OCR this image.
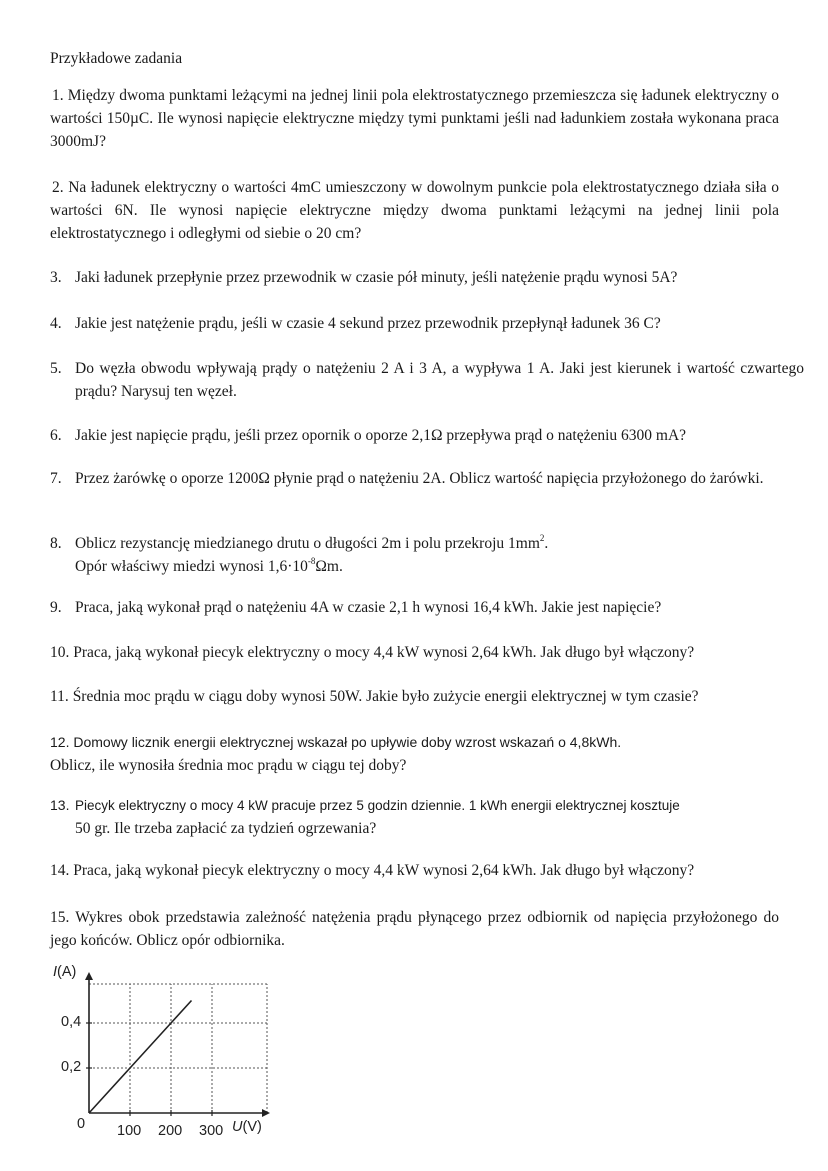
Przykładowe zadania
1. Między dwoma punktami leżącymi na jednej linii pola elektrostatycznego przemieszcza się ładunek elektryczny o wartości 150µC. Ile wynosi napięcie elektryczne między tymi punktami jeśli nad ładunkiem została wykonana praca 3000mJ?
2. Na ładunek elektryczny o wartości 4mC umieszczony w dowolnym punkcie pola elektrostatycznego działa siła o wartości 6N. Ile wynosi napięcie elektryczne między dwoma punktami leżącymi na jednej linii pola elektrostatycznego i odległymi od siebie o 20 cm?
3. Jaki ładunek przepłynie przez przewodnik w czasie pół minuty, jeśli natężenie prądu wynosi 5A?
4. Jakie jest natężenie prądu, jeśli w czasie 4 sekund przez przewodnik przepłynął ładunek 36 C?
5. Do węzła obwodu wpływają prądy o natężeniu 2 A i 3 A, a wypływa 1 A. Jaki jest kierunek i wartość czwartego prądu? Narysuj ten węzeł.
6. Jakie jest napięcie prądu, jeśli przez opornik o oporze 2,1Ω przepływa prąd o natężeniu 6300 mA?
7. Przez żarówkę o oporze 1200Ω płynie prąd o natężeniu 2A. Oblicz wartość napięcia przyłożonego do żarówki.
8. Oblicz rezystancję miedzianego drutu o długości 2m i polu przekroju $1mm^2$.
Opór właściwy miedzi wynosi $1,6\cdot 10^{-8}\Omega m$.
9. Praca, jaką wykonał prąd o natężeniu 4A w czasie 2,1 h wynosi 16,4 kWh. Jakie jest napięcie?
10. Praca, jaką wykonał piecyk elektryczny o mocy 4,4 kW wynosi 2,64 kWh. Jak długo był włączony?
11. Średnia moc prądu w ciągu doby wynosi 50W. Jakie było zużycie energii elektrycznej w tym czasie?
12. Domowy licznik energii elektrycznej wskazał po upływie doby wzrost wskazań o 4,8kWh.
Oblicz, ile wynosiła średnia moc prądu w ciągu tej doby?
13. Piecyk elektryczny o mocy 4 kW pracuje przez 5 godzin dziennie. 1 kWh energii elektrycznej kosztuje
50 gr. Ile trzeba zapłacić za tydzień ogrzewania?
14. Praca, jaką wykonał piecyk elektryczny o mocy 4,4 kW wynosi 2,64 kWh. Jak długo był włączony?
15. Wykres obok przedstawia zależność natężenia prądu płynącego przez odbiornik od napięcia przyłożonego do jego końców. Oblicz opór odbiornika.
I(A)
U(V)
0 100 200 300
0,2
0,4
